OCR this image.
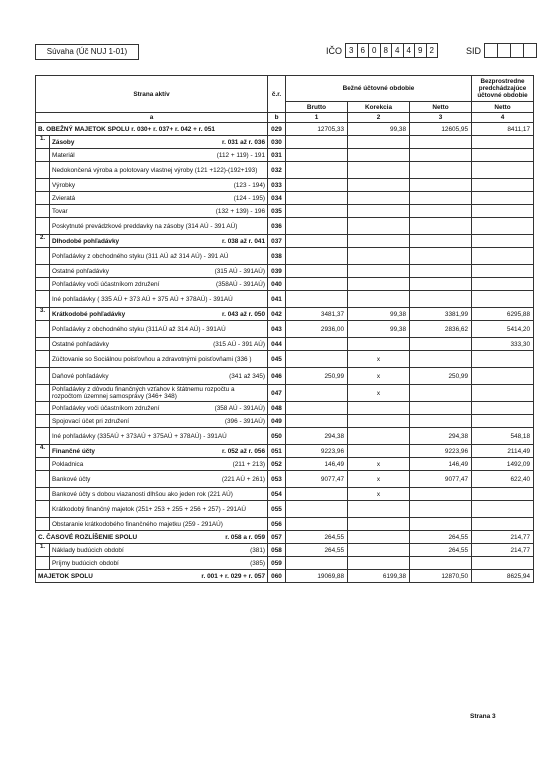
Súvaha (Úč NUJ 1-01)	IČO 3 6 0 8 4 4 9 2	SID
Strana aktív		č.r.	Bežné účtovné obdobie			Bezprostredne predchádzajúce účtovné obdobie
			Brutto	Korekcia	Netto	Netto
a		b	1	2	3	4

B. OBEŽNÝ MAJETOK SPOLU r. 030+ r. 037+ r. 042 + r. 051		029	12705,33	99,38	12605,95	8411,17
1.	Zásoby r. 031 až r. 036	030				

	Materiál (112 + 119) - 191	031				

	Nedokončená výroba a polotovary vlastnej výroby (121 +122)-(192+193)	032				

	Výrobky (123 - 194)	033				

	Zvieratá (124 - 195)	034				

	Tovar (132 + 139) - 196	035				

	Poskytnuté prevádzkové preddavky na zásoby (314 AÚ - 391 AÚ)	036				
2.	Dlhodobé pohľadávky r. 038 až r. 041	037				

	Pohľadávky z obchodného styku (311 AÚ až 314 AÚ) - 391 AÚ	038				

	Ostatné pohľadávky (315 AÚ - 391AÚ)	039				

	Pohľadávky voči účastníkom združení (358AÚ - 391AÚ)	040				

	Iné pohľadávky ( 335 AÚ + 373 AÚ + 375 AÚ + 378AÚ) - 391AÚ	041				
3.	Krátkodobé pohľadávky r. 043 až r. 050	042	3481,37	99,38	3381,99	6295,88

	Pohľadávky z obchodného styku (311AÚ až 314 AÚ) - 391AÚ	043	2936,00	99,38	2836,62	5414,20

	Ostatné pohľadávky (315 AÚ - 391 AÚ)	044				333,30

	Zúčtovanie so Sociálnou poisťovňou a zdravotnými poisťovňami (336 )	045		x		

	Daňové pohľadávky (341 až 345)	046	250,99	x	250,99	

	Pohľadávky z dôvodu finančných vzťahov k štátnemu rozpočtu a rozpočtom územnej samosprávy (346+ 348)	047		x		

	Pohľadávky voči účastníkom združení (358 AÚ - 391AÚ)	048				

	Spojovací účet pri združení (396 - 391AÚ)	049				

	Iné pohľadávky (335AÚ + 373AÚ + 375AÚ + 378AÚ) - 391AÚ	050	294,38		294,38	548,18
4.	Finančné účty r. 052 až r. 056	051	9223,96		9223,96	2114,49

	Pokladnica (211 + 213)	052	146,49	x	146,49	1492,09

	Bankové účty (221 AÚ + 261)	053	9077,47	x	9077,47	622,40

	Bankové účty s dobou viazanosti dlhšou ako jeden rok (221 AÚ)	054		x		

	Krátkodobý finančný majetok (251+ 253 + 255 + 256 + 257) - 291AÚ	055				

	Obstaranie krátkodobého finančného majetku (259 - 291AÚ)	056				

C. ČASOVÉ ROZLÍŠENIE SPOLU r. 058 a r. 059		057	264,55		264,55	214,77
1.	Náklady budúcich období (381)	058	264,55		264,55	214,77

	Príjmy budúcich období (385)	059				

MAJETOK SPOLU r. 001 + r. 029 + r. 057		060	19069,88	6199,38	12870,50	8625,94
Strana 3
